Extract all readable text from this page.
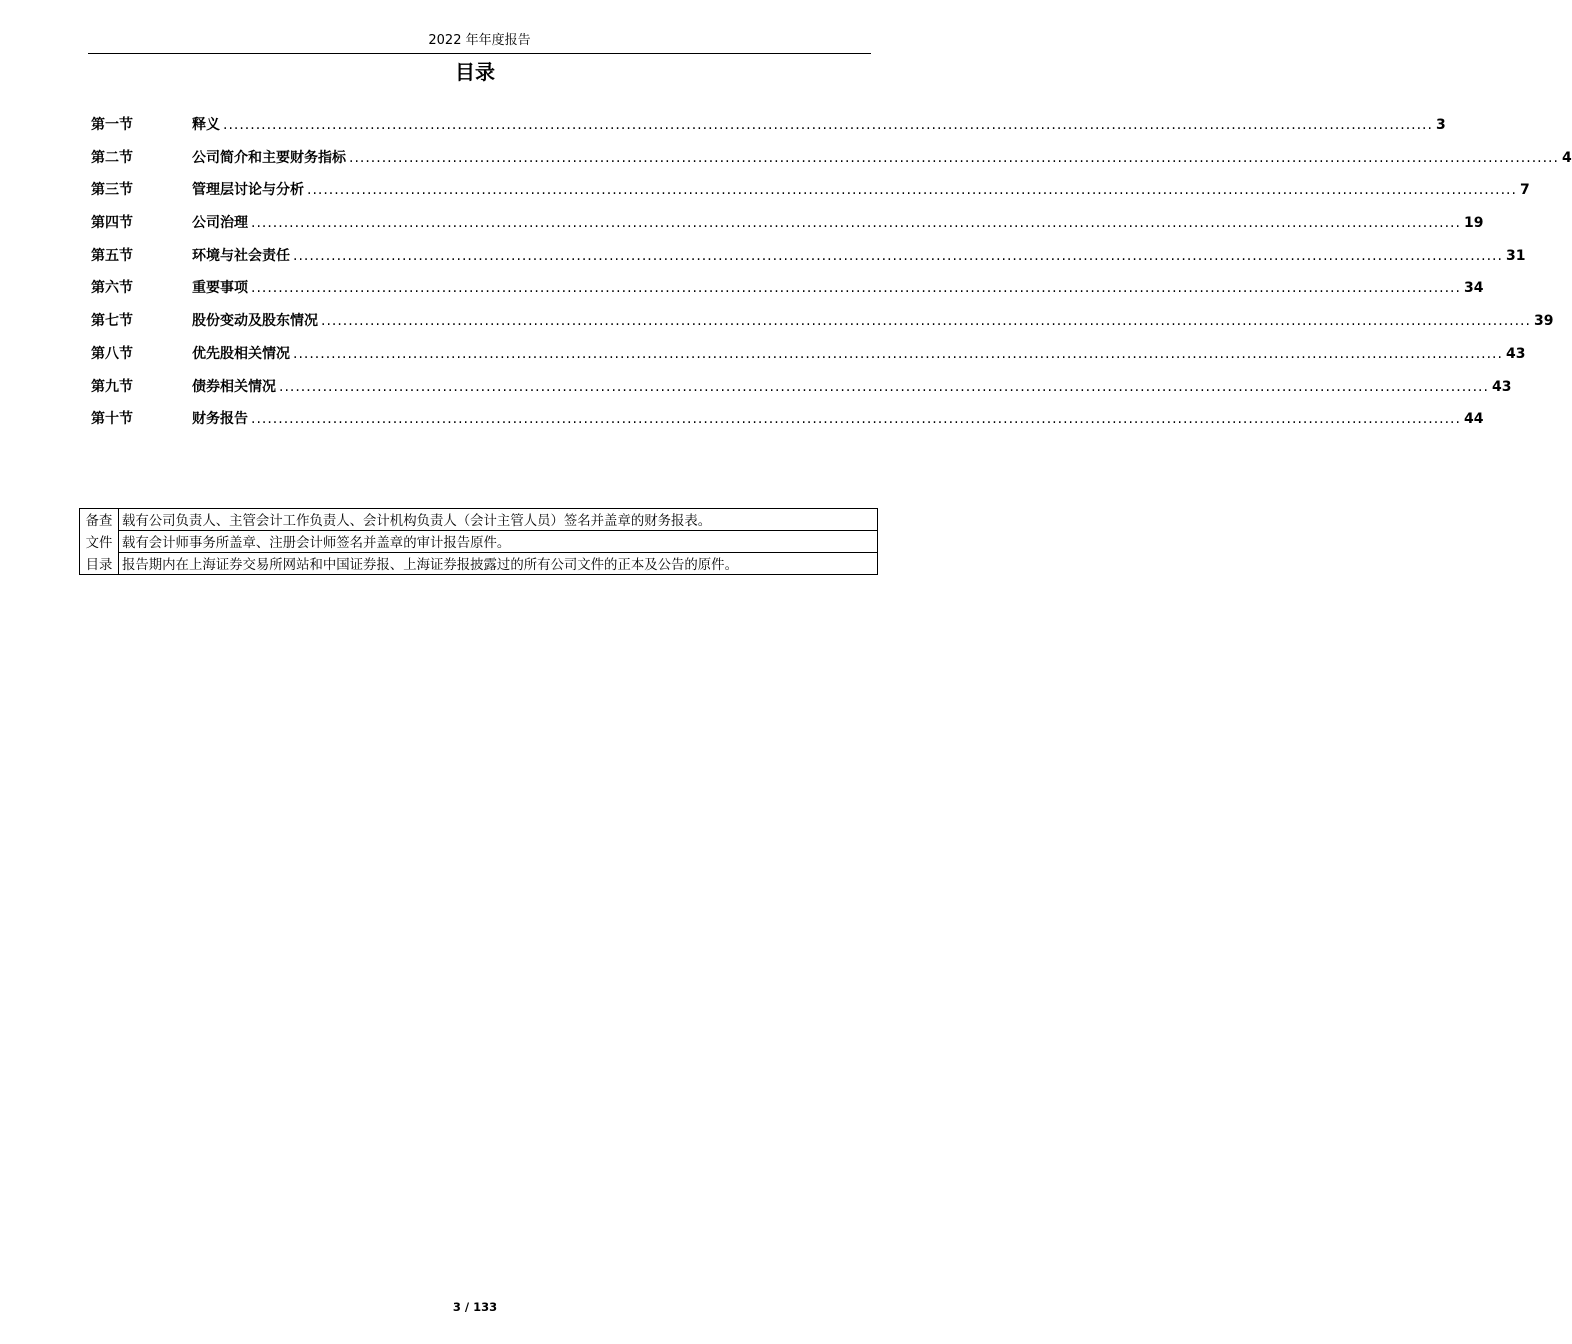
2022 年年度报告
目录
第一节	释义 .............................................................................................................................................................................................................................. 3
第二节	公司简介和主要财务指标 .............................................................................................................................................................................................................................. 4
第三节	管理层讨论与分析 .............................................................................................................................................................................................................................. 7
第四节	公司治理 .............................................................................................................................................................................................................................. 19
第五节	环境与社会责任 .............................................................................................................................................................................................................................. 31
第六节	重要事项 .............................................................................................................................................................................................................................. 34
第七节	股份变动及股东情况 .............................................................................................................................................................................................................................. 39
第八节	优先股相关情况 .............................................................................................................................................................................................................................. 43
第九节	债券相关情况 .............................................................................................................................................................................................................................. 43
第十节	财务报告 .............................................................................................................................................................................................................................. 44
备查	载有公司负责人、主管会计工作负责人、会计机构负责人（会计主管人员）签名并盖章的财务报表。
文件	载有会计师事务所盖章、注册会计师签名并盖章的审计报告原件。
目录	报告期内在上海证券交易所网站和中国证券报、上海证券报披露过的所有公司文件的正本及公告的原件。
3 / 133
